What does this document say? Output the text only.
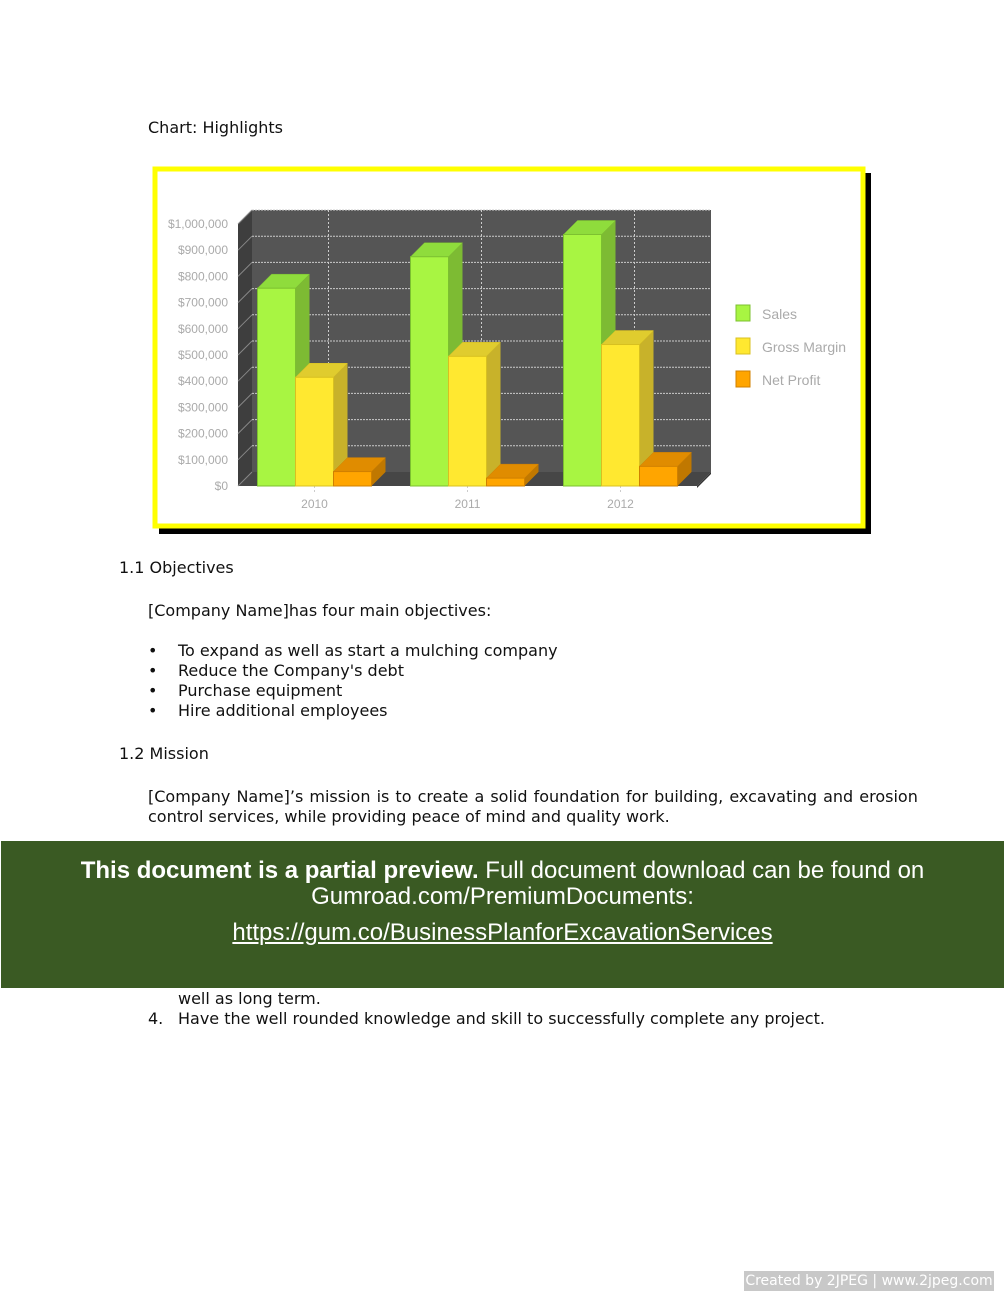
Chart: Highlights
$0
$100,000
$200,000
$300,000
$400,000
$500,000
$600,000
$700,000
$800,000
$900,000
$1,000,000
2010	2011	2012
Sales
Gross Margin
Net Profit
1.1 Objectives
[Company Name]has four main objectives:
• To expand as well as start a mulching company
• Reduce the Company's debt
• Purchase equipment
• Hire additional employees
1.2 Mission
[Company Name]’s mission is to create a solid foundation for building, excavating and erosion
control services, while providing peace of mind and quality work.
well as long term.
4. Have the well rounded knowledge and skill to successfully complete any project.
This document is a partial preview. Full document download can be found on
Gumroad.com/PremiumDocuments:
https://gum.co/BusinessPlanforExcavationServices
Created by 2JPEG | www.2jpeg.com
